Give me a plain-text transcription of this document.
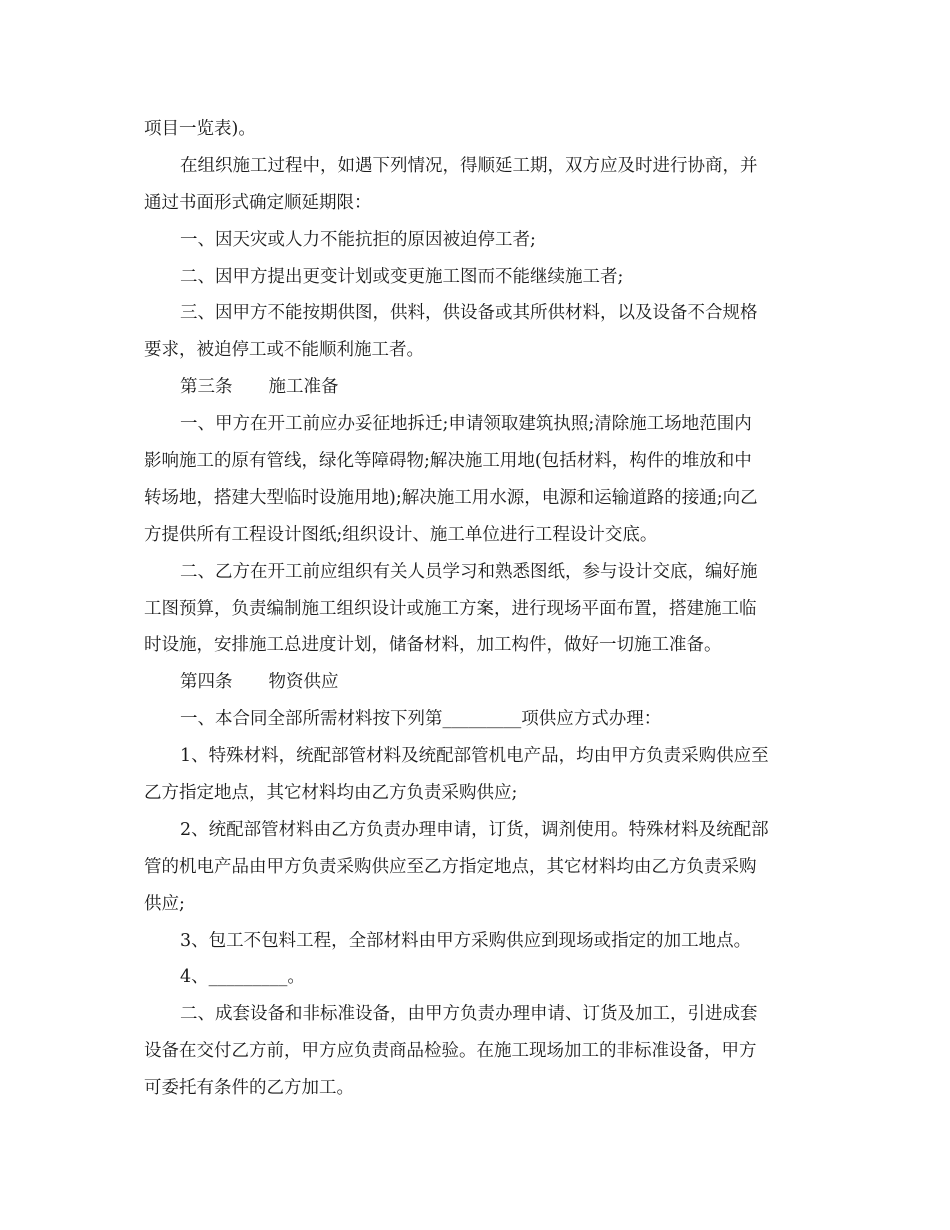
项目一览表)。
在组织施工过程中，如遇下列情况，得顺延工期，双方应及时进行协商，并
通过书面形式确定顺延期限：
一、因天灾或人力不能抗拒的原因被迫停工者;
二、因甲方提出更变计划或变更施工图而不能继续施工者;
三、因甲方不能按期供图，供料，供设备或其所供材料，以及设备不合规格
要求，被迫停工或不能顺利施工者。
第三条 施工准备
一、甲方在开工前应办妥征地拆迁;申请领取建筑执照;清除施工场地范围内
影响施工的原有管线，绿化等障碍物;解决施工用地(包括材料，构件的堆放和中
转场地，搭建大型临时设施用地);解决施工用水源，电源和运输道路的接通;向乙
方提供所有工程设计图纸;组织设计、施工单位进行工程设计交底。
二、乙方在开工前应组织有关人员学习和熟悉图纸，参与设计交底，编好施
工图预算，负责编制施工组织设计或施工方案，进行现场平面布置，搭建施工临
时设施，安排施工总进度计划，储备材料，加工构件，做好一切施工准备。
第四条 物资供应
一、本合同全部所需材料按下列第_________项供应方式办理：
1、特殊材料，统配部管材料及统配部管机电产品，均由甲方负责采购供应至
乙方指定地点，其它材料均由乙方负责采购供应;
2、统配部管材料由乙方负责办理申请，订货，调剂使用。特殊材料及统配部
管的机电产品由甲方负责采购供应至乙方指定地点，其它材料均由乙方负责采购
供应;
3、包工不包料工程，全部材料由甲方采购供应到现场或指定的加工地点。
4、_________。
二、成套设备和非标准设备，由甲方负责办理申请、订货及加工，引进成套
设备在交付乙方前，甲方应负责商品检验。在施工现场加工的非标准设备，甲方
可委托有条件的乙方加工。
